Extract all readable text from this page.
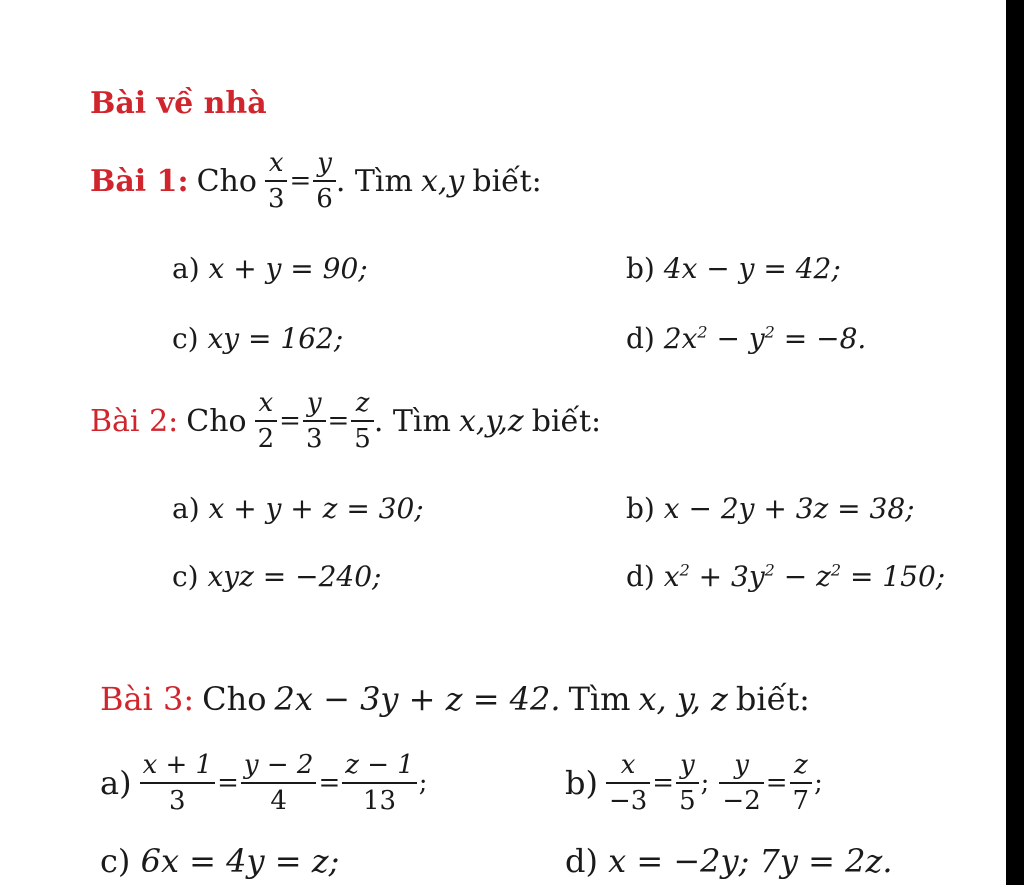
Bài về nhà
Bài 1: Cho $\frac{x}{3} = \frac{y}{6}$ . Tìm x,y biết:
a) x + y = 90;	b) 4x − y = 42;
c) xy = 162;	d) $2x^2 - y^2 = -8$.
Bài 2: Cho $\frac{x}{2} = \frac{y}{3} = \frac{z}{5}$ . Tìm x,y,z biết:
a) x + y + z = 30;	b) x − 2y + 3z = 38;
c) xyz = −240;	d) $x^2 + 3y^2 - z^2 = 150$;
Bài 3: Cho 2x − 3y + z = 42. Tìm x, y, z biết:
$a) \frac{x + 1}{3} = \frac{y - 2}{4} = \frac{z - 1}{13}$ ;	$b) \frac{x}{-3} = \frac{y}{5}$ ; $\frac{y}{-2} = \frac{z}{7}$ ;
c) 6x = 4y = z;	d) x = −2y; 7y = 2z.
